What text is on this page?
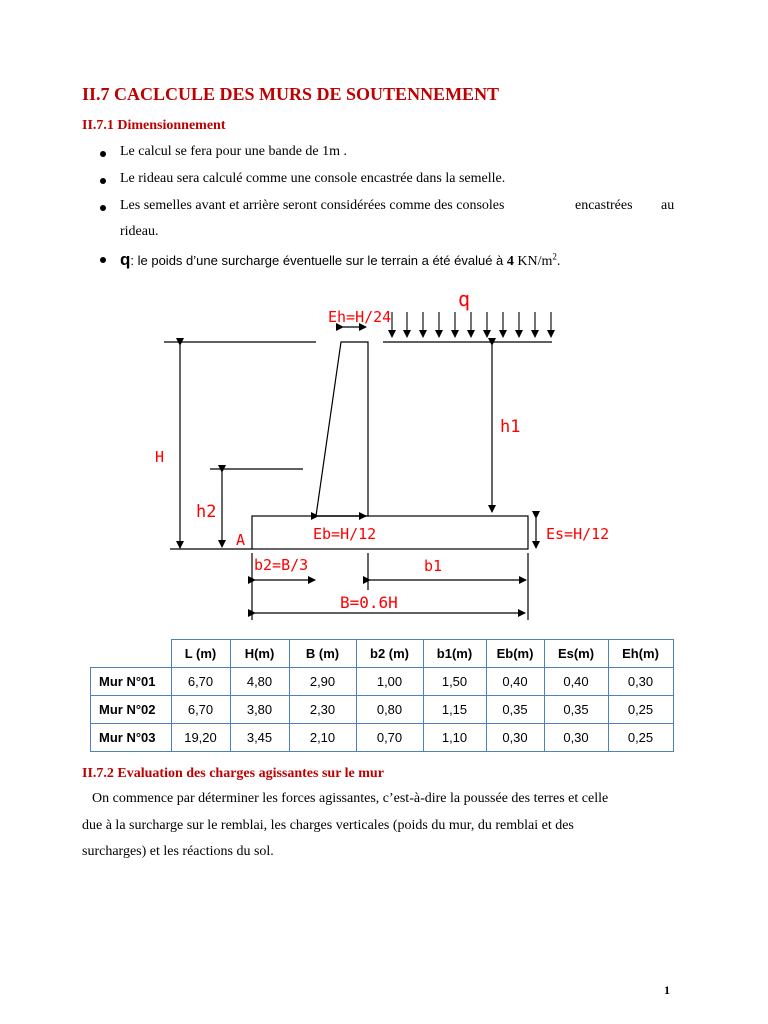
II.7 CACLCULE DES MURS DE SOUTENNEMENT
II.7.1 Dimensionnement
Le calcul se fera pour une bande de 1m .
Le rideau sera calculé comme une console encastrée dans la semelle.
Les semelles avant et arrière seront considérées comme des consoles	encastrées au
rideau.
q: le poids d’une surcharge éventuelle sur le terrain a été évalué à 4 $KN/m^2$.
q
Eh=H/24
h1
H
h2
A	Eb=H/12	Es=H/12
b2=B/3	b1
B=0.6H
	L (m)	H(m)	B (m)	b2 (m)	b1(m)	Eb(m)	Es(m)	Eh(m)
Mur N°01	6,70	4,80	2,90	1,00	1,50	0,40	0,40	0,30
Mur N°02	6,70	3,80	2,30	0,80	1,15	0,35	0,35	0,25
Mur N°03	19,20	3,45	2,10	0,70	1,10	0,30	0,30	0,25
II.7.2 Evaluation des charges agissantes sur le mur
On commence par déterminer les forces agissantes, c’est-à-dire la poussée des terres et celle
due à la surcharge sur le remblai, les charges verticales (poids du mur, du remblai et des
surcharges) et les réactions du sol.
1
